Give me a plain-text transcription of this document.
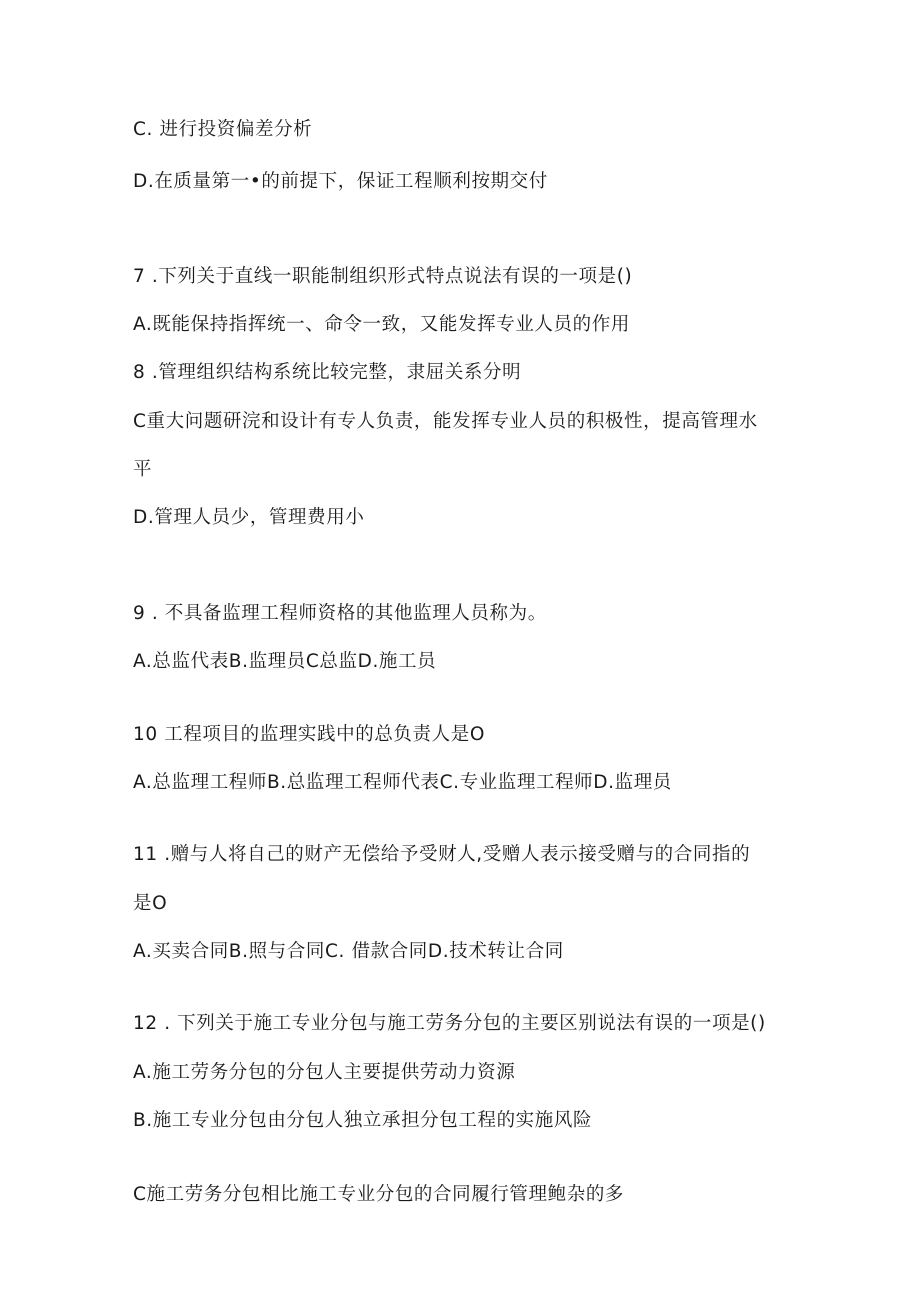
C. 进行投资偏差分析
D.在质量第一•的前提下，保证工程顺利按期交付
7 .下列关于直线一职能制组织形式特点说法有误的一项是()
A.既能保持指挥统一、命令一致，又能发挥专业人员的作用
8 .管理组织结构系统比较完整，隶屈关系分明
C重大问题研浣和设计有专人负责，能发挥专业人员的积极性，提高管理水
平
D.管理人员少，管理费用小
9 . 不具备监理工程师资格的其他监理人员称为。
A.总监代表B.监理员C总监D.施工员
10 工程项目的监理实践中的总负责人是O
A.总监理工程师B.总监理工程师代表C.专业监理工程师D.监理员
11 .赠与人将自己的财产无偿给予受财人,受赠人表示接受赠与的合同指的
是O
A.买卖合同B.照与合同C. 借款合同D.技术转让合同
12 . 下列关于施工专业分包与施工劳务分包的主要区别说法有误的一项是()
A.施工劳务分包的分包人主要提供劳动力资源
B.施工专业分包由分包人独立承担分包工程的实施风险
C施工劳务分包相比施工专业分包的合同履行管理鲍杂的多
